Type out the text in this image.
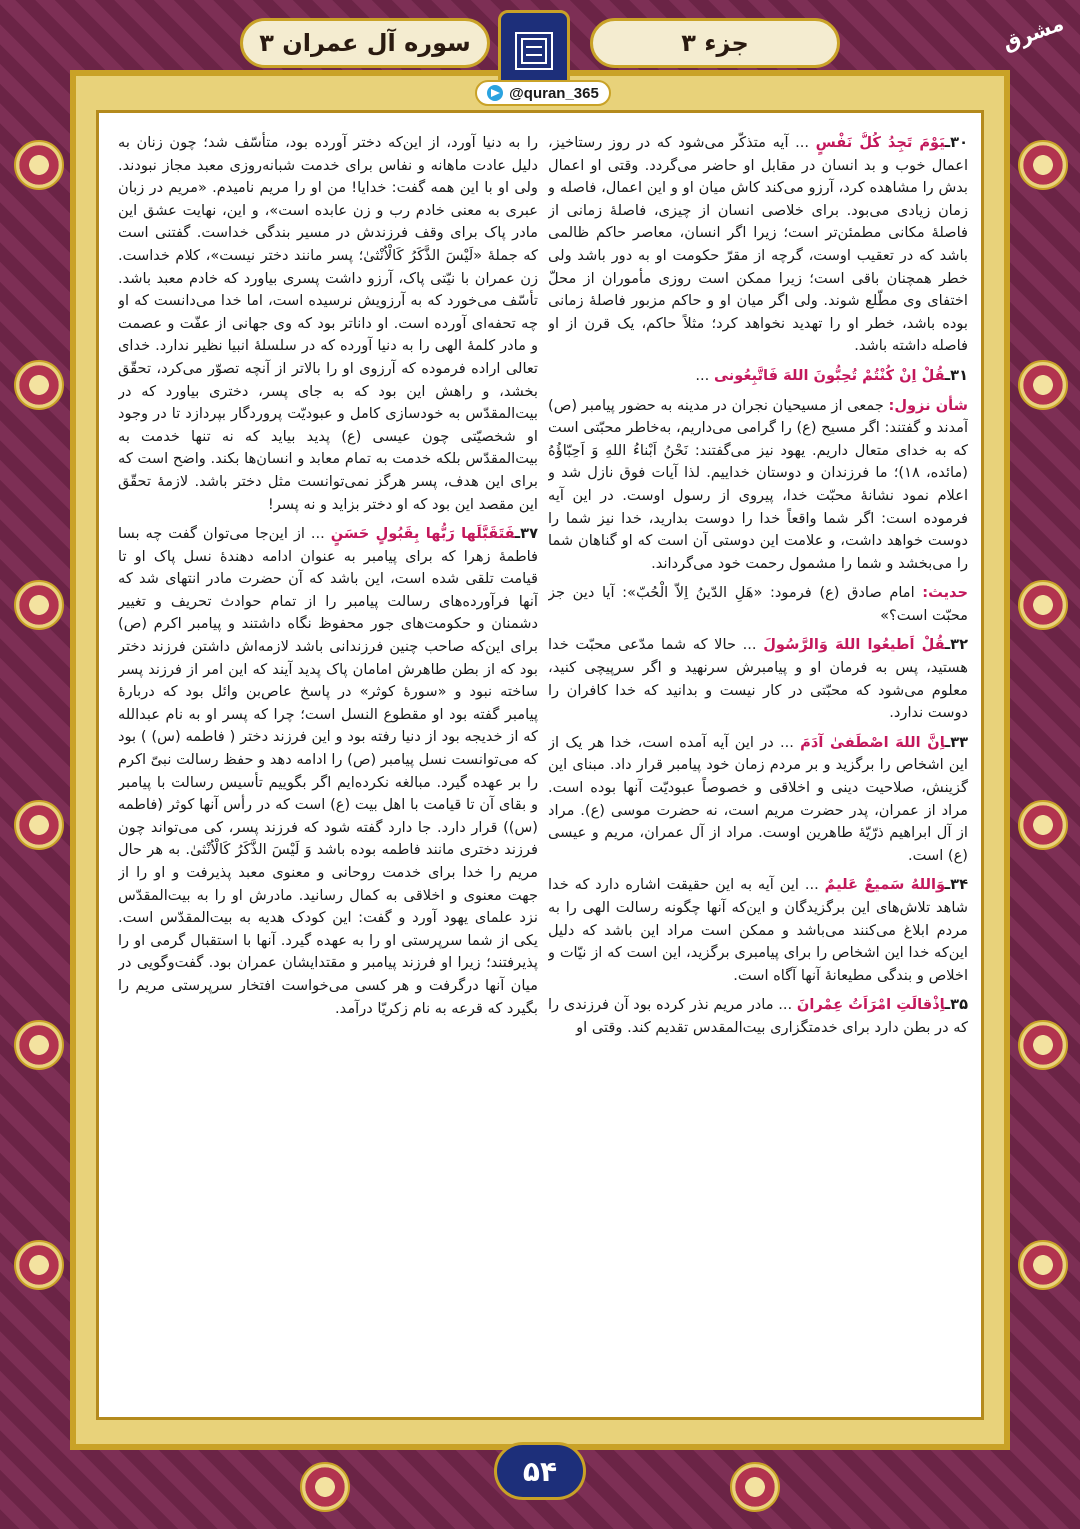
سوره آل عمران ۳	جزء ۳
@quran_365
مشرق

۳۰ـیَوْمَ تَجِدُ کُلُّ نَفْسٍ ... آیه متذکّر می‌شود که در روز رستاخیز، اعمال خوب و بد انسان در مقابل او حاضر می‌گردد. وقتی او اعمال بدش را مشاهده کرد، آرزو می‌کند کاش میان او و این اعمال، فاصله و زمان زیادی می‌بود. برای خلاصی انسان از چیزی، فاصلهٔ زمانی از فاصلهٔ مکانی مطمئن‌تر است؛ زیرا اگر انسان، معاصر حاکم ظالمی باشد که در تعقیب اوست، گرچه از مقرّ حکومت او به دور باشد ولی خطر همچنان باقی است؛ زیرا ممکن است روزی مأموران از محلّ اختفای وی مطّلع شوند. ولی اگر میان او و حاکم مزبور فاصلهٔ زمانی بوده باشد، خطر او را تهدید نخواهد کرد؛ مثلاً حاکم، یک قرن از او فاصله داشته باشد.

۳۱ـقُلْ اِنْ کُنْتُمْ تُحِبُّونَ اللهَ فَاتَّبِعُونی ...

شأن نزول: جمعی از مسیحیان نجران در مدینه به حضور پیامبر (ص) آمدند و گفتند: اگر مسیح (ع) را گرامی می‌داریم، به‌خاطر محبّتی است که به خدای متعال داریم. یهود نیز می‌گفتند: نَحْنُ اَبْناءُ اللهِ وَ اَحِبّاؤُهُ (مائده، ۱۸)؛ ما فرزندان و دوستان خداییم. لذا آیات فوق نازل شد و اعلام نمود نشانهٔ محبّت خدا، پیروی از رسول اوست. در این آیه فرموده است: اگر شما واقعاً خدا را دوست بدارید، خدا نیز شما را دوست خواهد داشت، و علامت این دوستی آن است که او گناهان شما را می‌بخشد و شما را مشمول رحمت خود می‌گرداند.

حدیث: امام صادق (ع) فرمود: «هَلِ الدّینُ اِلاّ الْحُبّ»: آیا دین جز محبّت است؟»

۳۲ـقُلْ اَطیعُوا اللهَ وَالرَّسُولَ ... حالا که شما مدّعی محبّت خدا هستید، پس به فرمان او و پیامبرش سرنهید و اگر سرپیچی کنید، معلوم می‌شود که محبّتی در کار نیست و بدانید که خدا کافران را دوست ندارد.

۳۳ـاِنَّ اللهَ اصْطَفیٰ آدَمَ ... در این آیه آمده است، خدا هر یک از این اشخاص را برگزید و بر مردم زمان خود پیامبر قرار داد. مبنای این گزینش، صلاحیت دینی و اخلاقی و خصوصاً عبودیّت آنها بوده است. مراد از عمران، پدر حضرت مریم است، نه حضرت موسی (ع). مراد از آل ابراهیم ذرّیّهٔ طاهرین اوست. مراد از آل عمران، مریم و عیسی (ع) است.

۳۴ـوَاللهُ سَمیعٌ عَلیمٌ ... این آیه به این حقیقت اشاره دارد که خدا شاهد تلاش‌های این برگزیدگان و این‌که آنها چگونه رسالت الهی را به مردم ابلاغ می‌کنند می‌باشد و ممکن است مراد این باشد که دلیل این‌که خدا این اشخاص را برای پیامبری برگزید، این است که از نیّات و اخلاص و بندگی مطیعانهٔ آنها آگاه است.

۳۵ـاِذْقالَتِ امْرَاَتُ عِمْرانَ ... مادر مریم نذر کرده بود آن فرزندی را که در بطن دارد برای خدمتگزاری بیت‌المقدس تقدیم کند. وقتی او

را به دنیا آورد، از این‌که دختر آورده بود، متأسّف شد؛ چون زنان به دلیل عادت ماهانه و نفاس برای خدمت شبانه‌روزی معبد مجاز نبودند. ولی او با این همه گفت: خدایا! من او را مریم نامیدم. «مریم در زبان عبری به معنی خادم رب و زن عابده است»، و این، نهایت عشق این مادر پاک برای وقف فرزندش در مسیر بندگی خداست. گفتنی است که جملهٔ «لَیْسَ الذَّکَرُ کَالْاُنْثیٰ؛ پسر مانند دختر نیست»، کلام خداست. زن عمران با نیّتی پاک، آرزو داشت پسری بیاورد که خادم معبد باشد. تأسّف می‌خورد که به آرزویش نرسیده است، اما خدا می‌دانست که او چه تحفه‌ای آورده است. او دانا‌تر بود که وی جهانی از عفّت و عصمت و مادر کلمهٔ الهی را به دنیا آورده که در سلسلهٔ انبیا نظیر ندارد. خدای تعالی اراده فرموده که آرزوی او را بالاتر از آنچه تصوّر می‌کرد، تحقّق بخشد، و راهش این بود که به جای پسر، دختری بیاورد که در بیت‌المقدّس به خودسازی کامل و عبودیّت پروردگار بپردازد تا در وجود او شخصیّتی چون عیسی (ع) پدید بیاید که نه تنها خدمت به بیت‌المقدّس بلکه خدمت به تمام معابد و انسان‌ها بکند. واضح است که برای این هدف، پسر هرگز نمی‌توانست مثل دختر باشد. لازمهٔ تحقّق این مقصد این بود که او دختر بزاید و نه پسر!

۳۷ـفَتَقَبَّلَها رَبُّها بِقَبُولٍ حَسَنٍ ... از این‌جا می‌توان گفت چه بسا فاطمهٔ زهرا که برای پیامبر به عنوان ادامه دهندهٔ نسل پاک او تا قیامت تلقی شده است، این باشد که آن حضرت مادر انتهای شد که آنها فرآورده‌های رسالت پیامبر را از تمام حوادث تحریف و تغییر دشمنان و حکومت‌های جور محفوظ نگاه داشتند و پیامبر اکرم (ص) برای این‌که صاحب چنین فرزندانی باشد لازمه‌اش داشتن فرزند دختر بود که از بطن طاهرش امامان پاک پدید آیند که این امر از فرزند پسر ساخته نبود و «سورهٔ کوثر» در پاسخ عاص‌بن وائل بود که دربارهٔ پیامبر گفته بود او مقطوع النسل است؛ چرا که پسر او به نام عبدالله که از خدیجه بود از دنیا رفته بود و این فرزند دختر ( فاطمه (س) ) بود که می‌توانست نسل پیامبر (ص) را ادامه دهد و حفظ رسالت نبیّ اکرم را بر عهده گیرد. مبالغه نکرده‌ایم اگر بگوییم تأسیس رسالت با پیامبر و بقای آن تا قیامت با اهل بیت (ع) است که در رأس آنها کوثر (فاطمه (س)) قرار دارد. جا دارد گفته شود که فرزند پسر، کی می‌تواند چون فرزند دختری مانند فاطمه بوده باشد وَ لَیْسَ الذَّکَرُ کَالْاُنْثیٰ. به هر حال مریم را خدا برای خدمت روحانی و معنوی معبد پذیرفت و او را از جهت معنوی و اخلاقی به کمال رسانید. مادرش او را به بیت‌المقدّس نزد علمای یهود آورد و گفت: این کودک هدیه به بیت‌المقدّس است. یکی از شما سرپرستی او را به عهده گیرد. آنها با استقبال گرمی او را پذیرفتند؛ زیرا او فرزند پیامبر و مقتدایشان عمران بود. گفت‌وگویی در میان آنها درگرفت و هر کسی می‌خواست افتخار سرپرستی مریم را بگیرد که قرعه به نام زکریّا درآمد.

۵۴
